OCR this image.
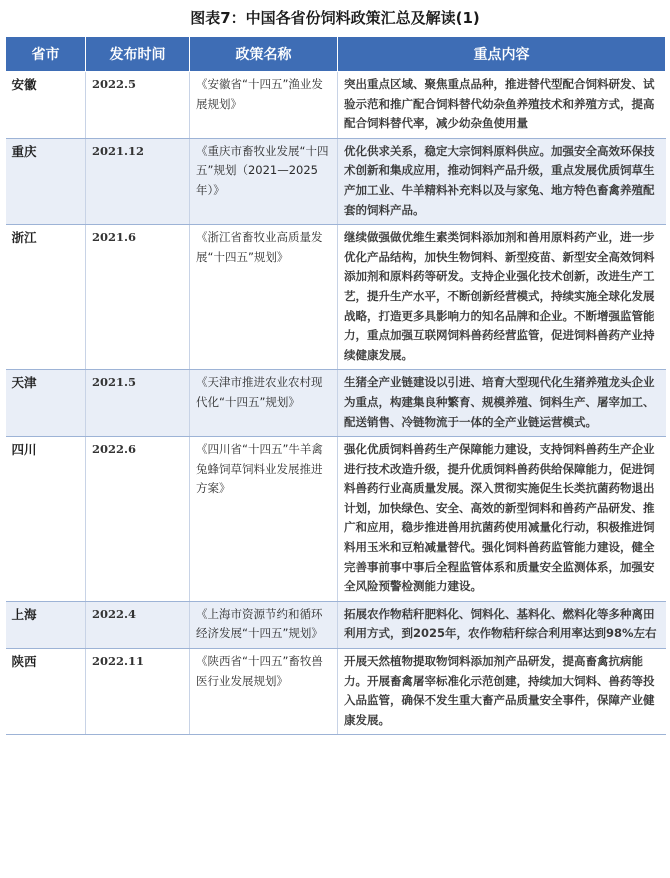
图表7：中国各省份饲料政策汇总及解读(1)
省市	发布时间	政策名称	重点内容
安徽	2022.5	《安徽省“十四五”渔业发展规划》	突出重点区域、聚焦重点品种，推进替代型配合饲料研发、试验示范和推广配合饲料替代幼杂鱼养殖技术和养殖方式，提高配合饲料替代率，减少幼杂鱼使用量
重庆	2021.12	《重庆市畜牧业发展“十四五”规划（2021—2025年）》	优化供求关系，稳定大宗饲料原料供应。加强安全高效环保技术创新和集成应用，推动饲料产品升级，重点发展优质饲草生产加工业、牛羊精料补充料以及与家兔、地方特色畜禽养殖配套的饲料产品。
浙江	2021.6	《浙江省畜牧业高质量发展“十四五”规划》	继续做强做优维生素类饲料添加剂和兽用原料药产业，进一步优化产品结构，加快生物饲料、新型疫苗、新型安全高效饲料添加剂和原料药等研发。支持企业强化技术创新，改进生产工艺，提升生产水平，不断创新经营模式，持续实施全球化发展战略，打造更多具影响力的知名品牌和企业。不断增强监管能力，重点加强互联网饲料兽药经营监管，促进饲料兽药产业持续健康发展。
天津	2021.5	《天津市推进农业农村现代化“十四五”规划》	生猪全产业链建设以引进、培育大型现代化生猪养殖龙头企业为重点，构建集良种繁育、规模养殖、饲料生产、屠宰加工、配送销售、冷链物流于一体的全产业链运营模式。
四川	2022.6	《四川省“十四五”牛羊禽兔蜂饲草饲料业发展推进方案》	强化优质饲料兽药生产保障能力建设，支持饲料兽药生产企业进行技术改造升级，提升优质饲料兽药供给保障能力，促进饲料兽药行业高质量发展。深入贯彻实施促生长类抗菌药物退出计划，加快绿色、安全、高效的新型饲料和兽药产品研发、推广和应用，稳步推进兽用抗菌药使用减量化行动，积极推进饲料用玉米和豆粕减量替代。强化饲料兽药监管能力建设，健全完善事前事中事后全程监管体系和质量安全监测体系，加强安全风险预警检测能力建设。
上海	2022.4	《上海市资源节约和循环经济发展“十四五”规划》	拓展农作物秸秆肥料化、饲料化、基料化、燃料化等多种离田利用方式，到2025年，农作物秸秆综合利用率达到98%左右
陕西	2022.11	《陕西省“十四五”畜牧兽医行业发展规划》	开展天然植物提取物饲料添加剂产品研发，提高畜禽抗病能力。开展畜禽屠宰标准化示范创建，持续加大饲料、兽药等投入品监管，确保不发生重大畜产品质量安全事件，保障产业健康发展。
